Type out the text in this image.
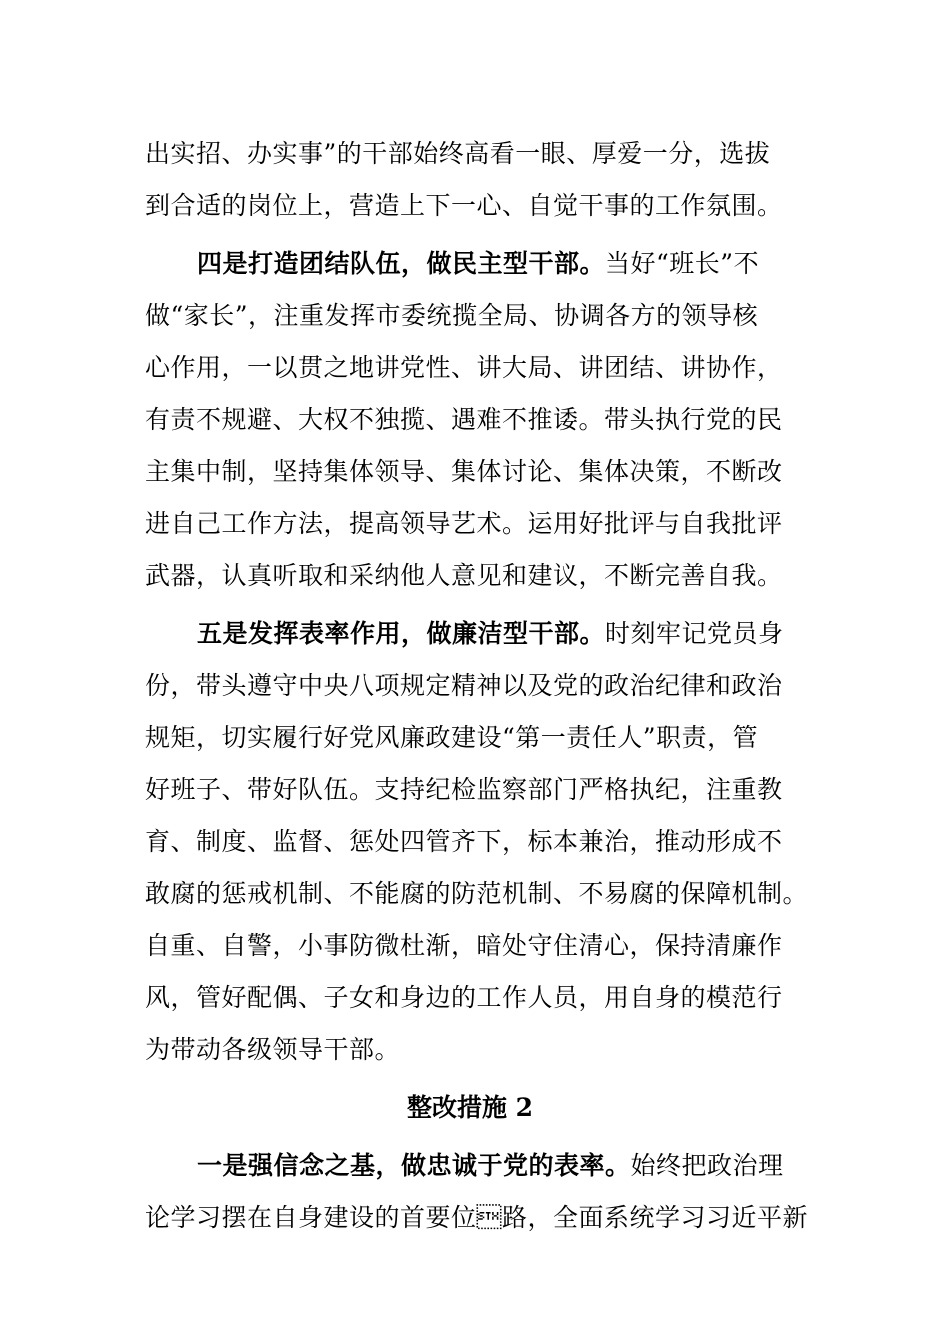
出实招、办实事”的干部始终高看一眼、厚爱一分，选拔
到合适的岗位上，营造上下一心、自觉干事的工作氛围。
四是打造团结队伍，做民主型干部。当好“班长”不
做“家长”，注重发挥市委统揽全局、协调各方的领导核
心作用，一以贯之地讲党性、讲大局、讲团结、讲协作，
有责不规避、大权不独揽、遇难不推诿。带头执行党的民
主集中制，坚持集体领导、集体讨论、集体决策，不断改
进自己工作方法，提高领导艺术。运用好批评与自我批评
武器，认真听取和采纳他人意见和建议，不断完善自我。
五是发挥表率作用，做廉洁型干部。时刻牢记党员身
份，带头遵守中央八项规定精神以及党的政治纪律和政治
规矩，切实履行好党风廉政建设“第一责任人”职责，管
好班子、带好队伍。支持纪检监察部门严格执纪，注重教
育、制度、监督、惩处四管齐下，标本兼治，推动形成不
敢腐的惩戒机制、不能腐的防范机制、不易腐的保障机制。
自重、自警，小事防微杜渐，暗处守住清心，保持清廉作
风，管好配偶、子女和身边的工作人员，用自身的模范行
为带动各级领导干部。
整改措施 2
一是强信念之基，做忠诚于党的表率。始终把政治理
论学习摆在自身建设的首要位路，全面系统学习习近平新
